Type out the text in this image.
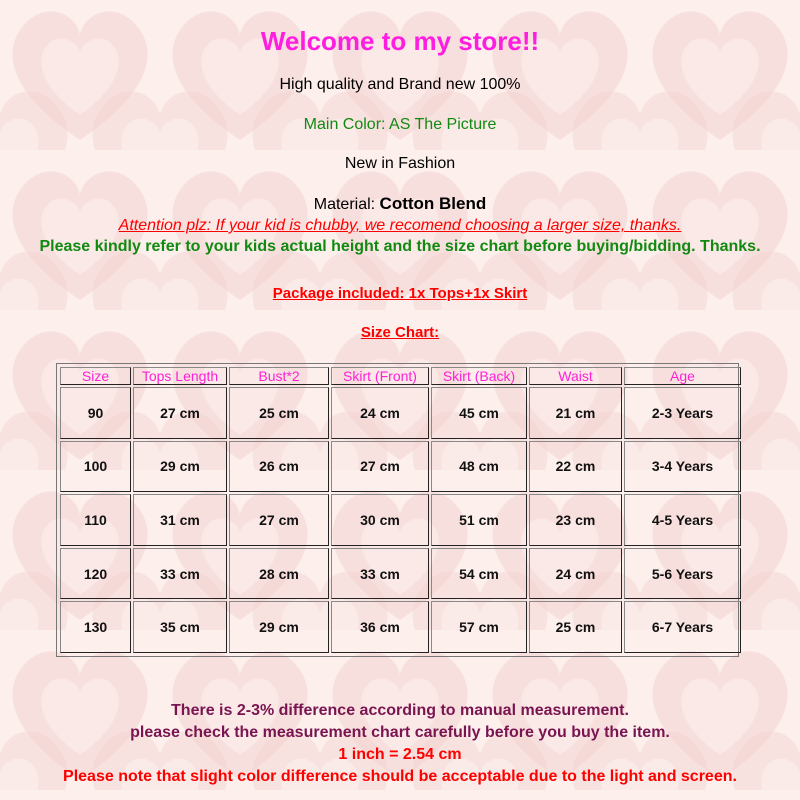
Welcome to my store!!
High quality and Brand new 100%
Main Color: AS The Picture
New in Fashion
Material: Cotton Blend
Attention plz: If your kid is chubby, we recomend choosing a larger size, thanks.
Please kindly refer to your kids actual height and the size chart before buying/bidding. Thanks.
Package included: 1x Tops+1x Skirt
Size Chart:
Size	Tops Length	Bust*2	Skirt (Front)	Skirt (Back)	Waist	Age
90	27 cm	25 cm	24 cm	45 cm	21 cm	2-3 Years
100	29 cm	26 cm	27 cm	48 cm	22 cm	3-4 Years
110	31 cm	27 cm	30 cm	51 cm	23 cm	4-5 Years
120	33 cm	28 cm	33 cm	54 cm	24 cm	5-6 Years
130	35 cm	29 cm	36 cm	57 cm	25 cm	6-7 Years
There is 2-3% difference according to manual measurement.
please check the measurement chart carefully before you buy the item.
1 inch = 2.54 cm
Please note that slight color difference should be acceptable due to the light and screen.
